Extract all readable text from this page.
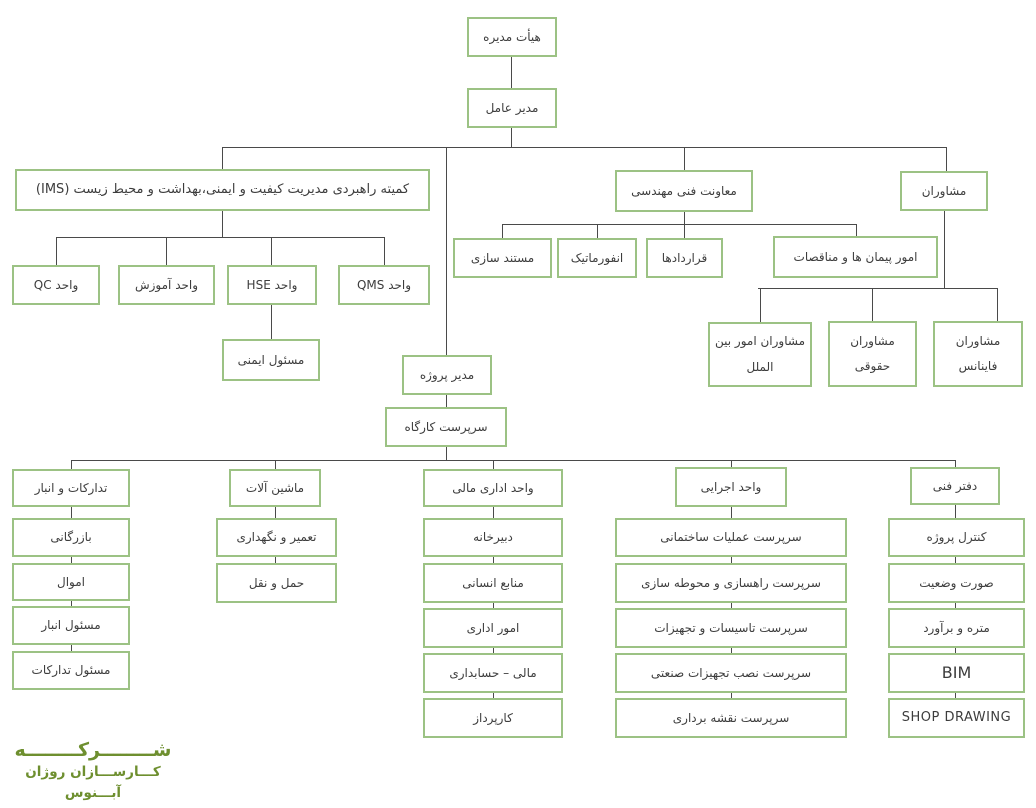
هیأت مدیره
مدیر عامل
کمیته راهبردی مدیریت کیفیت و ایمنی،بهداشت و محیط زیست (IMS)	معاونت فنی مهندسی	مشاوران
واحد QC	واحد آموزش	واحد HSE	واحد QMS
مسئول ایمنی
مستند سازی	انفورماتیک	قراردادها	امور پیمان ها و مناقصات
مشاوران امور بین الملل
مشاوران حقوقی
مشاوران فاینانس
مدیر پروژه
سرپرست کارگاه
تدارکات و انبار
بازرگانی
اموال
مسئول انبار
مسئول تدارکات
ماشین آلات
تعمیر و نگهداری
حمل و نقل
واحد اداری مالی
دبیرخانه
منابع انسانی
امور اداری
مالی – حسابداری
کارپرداز
واحد اجرایی
سرپرست عملیات ساختمانی
سرپرست راهسازی و محوطه سازی
سرپرست تاسیسات و تجهیزات
سرپرست نصب تجهیزات صنعتی
سرپرست نقشه برداری
دفتر فنی
کنترل پروژه
صورت وضعیت
متره و برآورد
BIM
SHOP DRAWING
شــــــــرکــــــــه
کـــارســـازان روژان آبـــنوس
